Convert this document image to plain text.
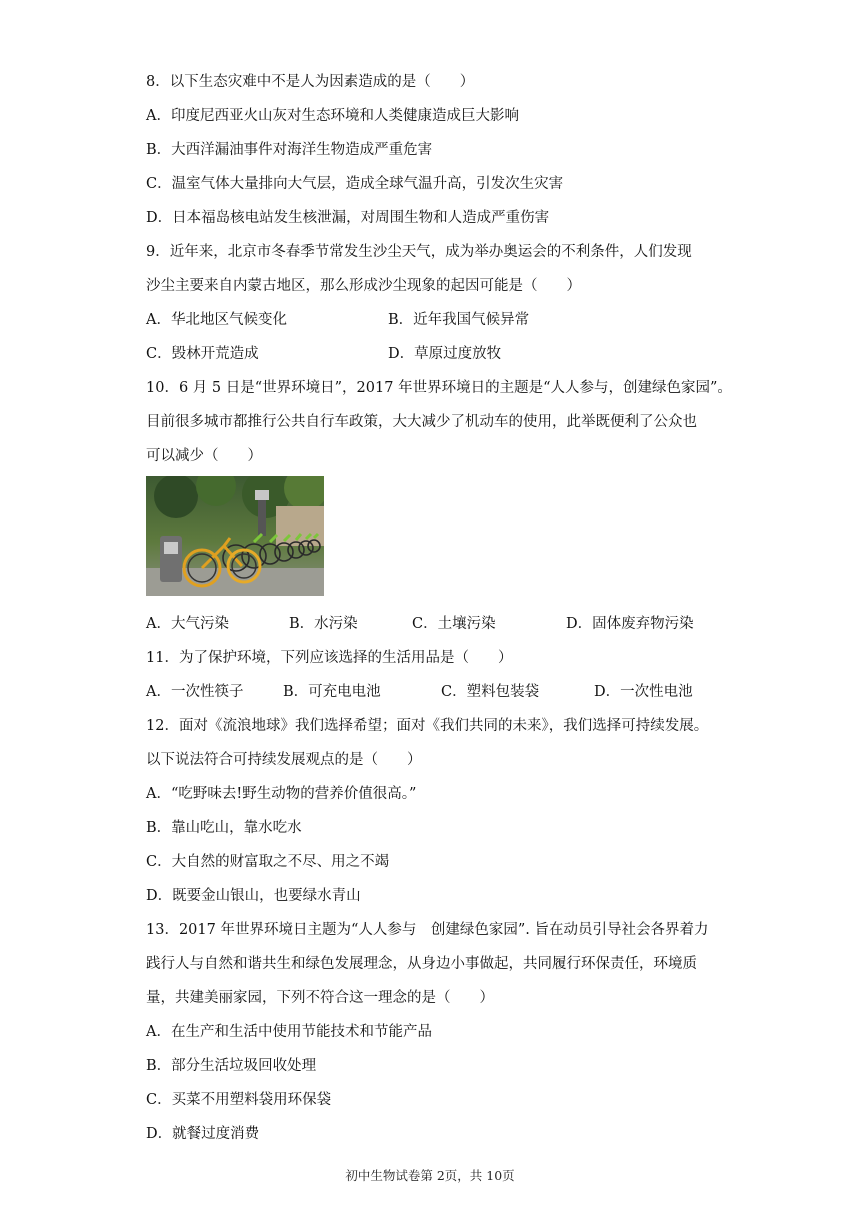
8．以下生态灾难中不是人为因素造成的是（　　）
A．印度尼西亚火山灰对生态环境和人类健康造成巨大影响
B．大西洋漏油事件对海洋生物造成严重危害
C．温室气体大量排向大气层，造成全球气温升高，引发次生灾害
D．日本福岛核电站发生核泄漏，对周围生物和人造成严重伤害
9．近年来，北京市冬春季节常发生沙尘天气，成为举办奥运会的不利条件，人们发现
沙尘主要来自内蒙古地区，那么形成沙尘现象的起因可能是（　　）
A．华北地区气候变化	B．近年我国气候异常
C．毁林开荒造成	D．草原过度放牧
10．6 月 5 日是“世界环境日”，2017 年世界环境日的主题是“人人参与，创建绿色家园”。
目前很多城市都推行公共自行车政策，大大减少了机动车的使用，此举既便利了公众也
可以减少（　　）
A．大气污染	B．水污染	C．土壤污染	D．固体废弃物污染
11．为了保护环境，下列应该选择的生活用品是（　　）
A．一次性筷子	B．可充电电池	C．塑料包装袋	D．一次性电池
12．面对《流浪地球》我们选择希望；面对《我们共同的未来》，我们选择可持续发展。
以下说法符合可持续发展观点的是（　　）
A．“吃野味去!野生动物的营养价值很高。”
B．靠山吃山，靠水吃水
C．大自然的财富取之不尽、用之不竭
D．既要金山银山，也要绿水青山
13．2017 年世界环境日主题为“人人参与　创建绿色家园”. 旨在动员引导社会各界着力
践行人与自然和谐共生和绿色发展理念，从身边小事做起，共同履行环保责任，环境质
量，共建美丽家园，下列不符合这一理念的是（　　）
A．在生产和生活中使用节能技术和节能产品
B．部分生活垃圾回收处理
C．买菜不用塑料袋用环保袋
D．就餐过度消费
初中生物试卷第 2页，共 10页
